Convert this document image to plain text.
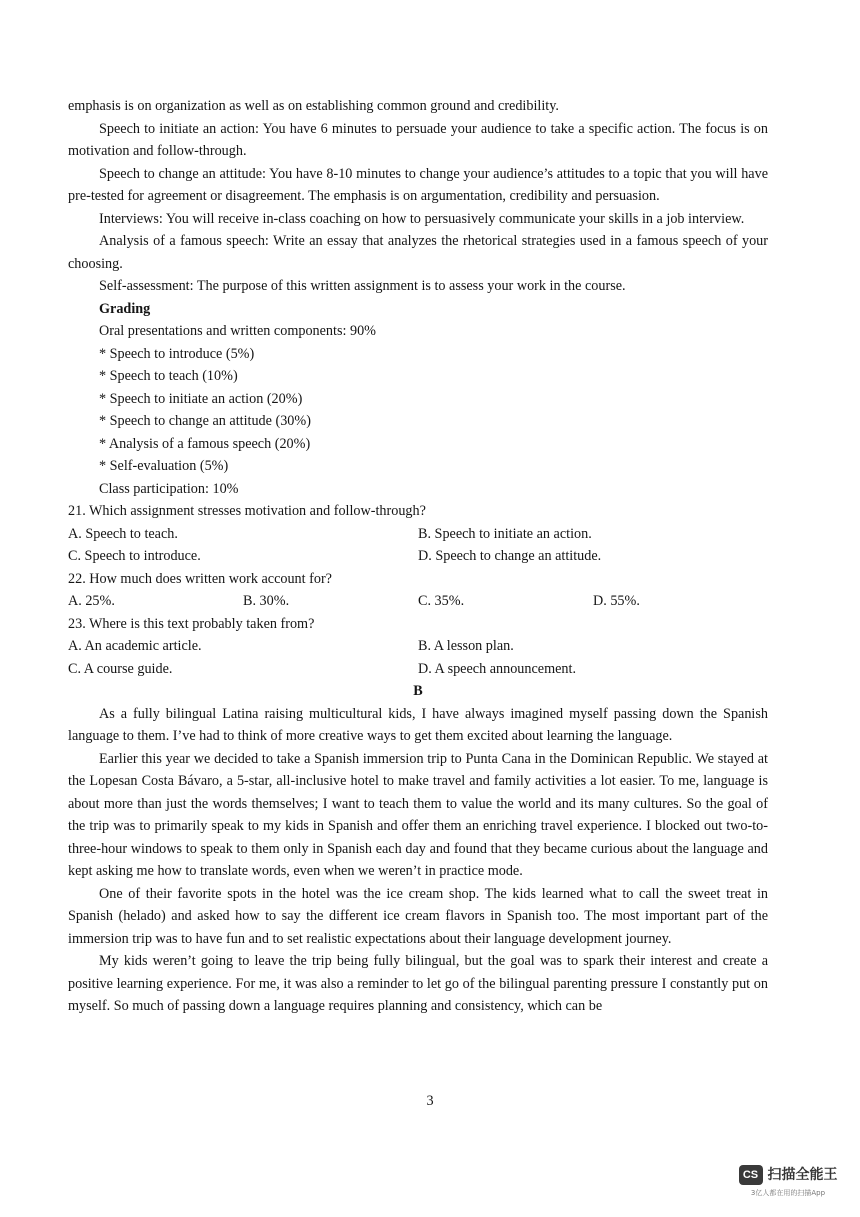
emphasis is on organization as well as on establishing common ground and credibility.

Speech to initiate an action: You have 6 minutes to persuade your audience to take a specific action. The focus is on motivation and follow-through.

Speech to change an attitude: You have 8-10 minutes to change your audience’s attitudes to a topic that you will have pre-tested for agreement or disagreement. The emphasis is on argumentation, credibility and persuasion.

Interviews: You will receive in-class coaching on how to persuasively communicate your skills in a job interview.

Analysis of a famous speech: Write an essay that analyzes the rhetorical strategies used in a famous speech of your choosing.

Self-assessment: The purpose of this written assignment is to assess your work in the course.

Grading

Oral presentations and written components: 90%

* Speech to introduce (5%)

* Speech to teach (10%)

* Speech to initiate an action (20%)

* Speech to change an attitude (30%)

* Analysis of a famous speech (20%)

* Self-evaluation (5%)

Class participation: 10%

21. Which assignment stresses motivation and follow-through?

A. Speech to teach.	B. Speech to initiate an action.
C. Speech to introduce.	D. Speech to change an attitude.

22. How much does written work account for?

A. 25%.	B. 30%.	C. 35%.	D. 55%.

23. Where is this text probably taken from?

A. An academic article.	B. A lesson plan.
C. A course guide.	D. A speech announcement.

B

As a fully bilingual Latina raising multicultural kids, I have always imagined myself passing down the Spanish language to them. I’ve had to think of more creative ways to get them excited about learning the language.

Earlier this year we decided to take a Spanish immersion trip to Punta Cana in the Dominican Republic. We stayed at the Lopesan Costa Bávaro, a 5-star, all-inclusive hotel to make travel and family activities a lot easier. To me, language is about more than just the words themselves; I want to teach them to value the world and its many cultures. So the goal of the trip was to primarily speak to my kids in Spanish and offer them an enriching travel experience. I blocked out two-to-three-hour windows to speak to them only in Spanish each day and found that they became curious about the language and kept asking me how to translate words, even when we weren’t in practice mode.

One of their favorite spots in the hotel was the ice cream shop. The kids learned what to call the sweet treat in Spanish (helado) and asked how to say the different ice cream flavors in Spanish too. The most important part of the immersion trip was to have fun and to set realistic expectations about their language development journey.

My kids weren’t going to leave the trip being fully bilingual, but the goal was to spark their interest and create a positive learning experience. For me, it was also a reminder to let go of the bilingual parenting pressure I constantly put on myself. So much of passing down a language requires planning and consistency, which can be

3
CS 扫描全能王
3亿人都在用的扫描App
